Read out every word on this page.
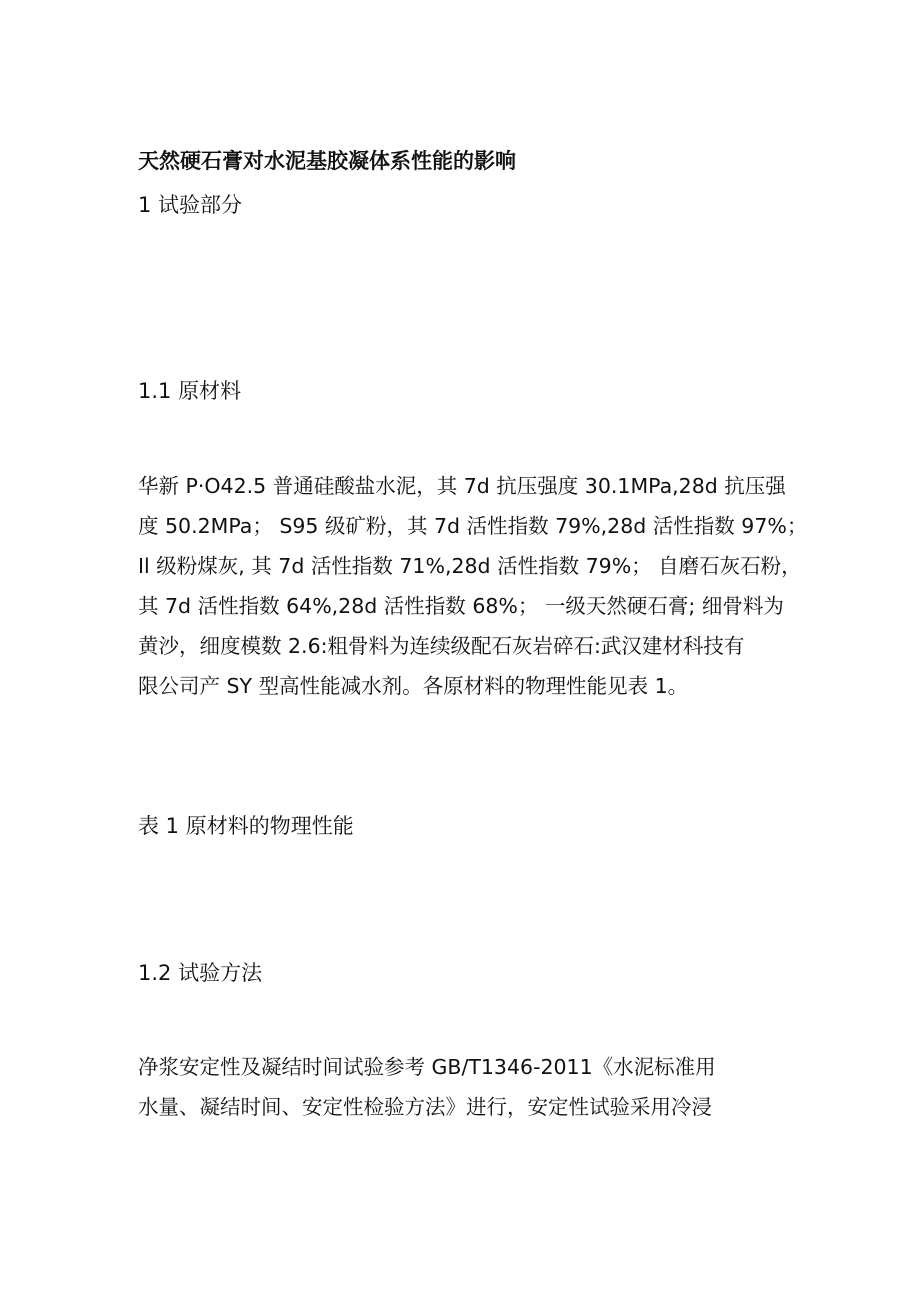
天然硬石膏对水泥基胶凝体系性能的影响
1 试验部分
1.1 原材料
华新 P·O42.5 普通硅酸盐水泥，其 7d 抗压强度 30.1MPa,28d 抗压强
度 50.2MPa； S95 级矿粉，其 7d 活性指数 79%,28d 活性指数 97%；
Il 级粉煤灰, 其 7d 活性指数 71%,28d 活性指数 79%； 自磨石灰石粉，
其 7d 活性指数 64%,28d 活性指数 68%； 一级天然硬石膏; 细骨料为
黄沙，细度模数 2.6:粗骨料为连续级配石灰岩碎石:武汉建材科技有
限公司产 SY 型高性能减水剂。各原材料的物理性能见表 1。
表 1 原材料的物理性能
1.2 试验方法
净浆安定性及凝结时间试验参考 GB/T1346-2011《水泥标准用
水量、凝结时间、安定性检验方法》进行，安定性试验采用冷浸
